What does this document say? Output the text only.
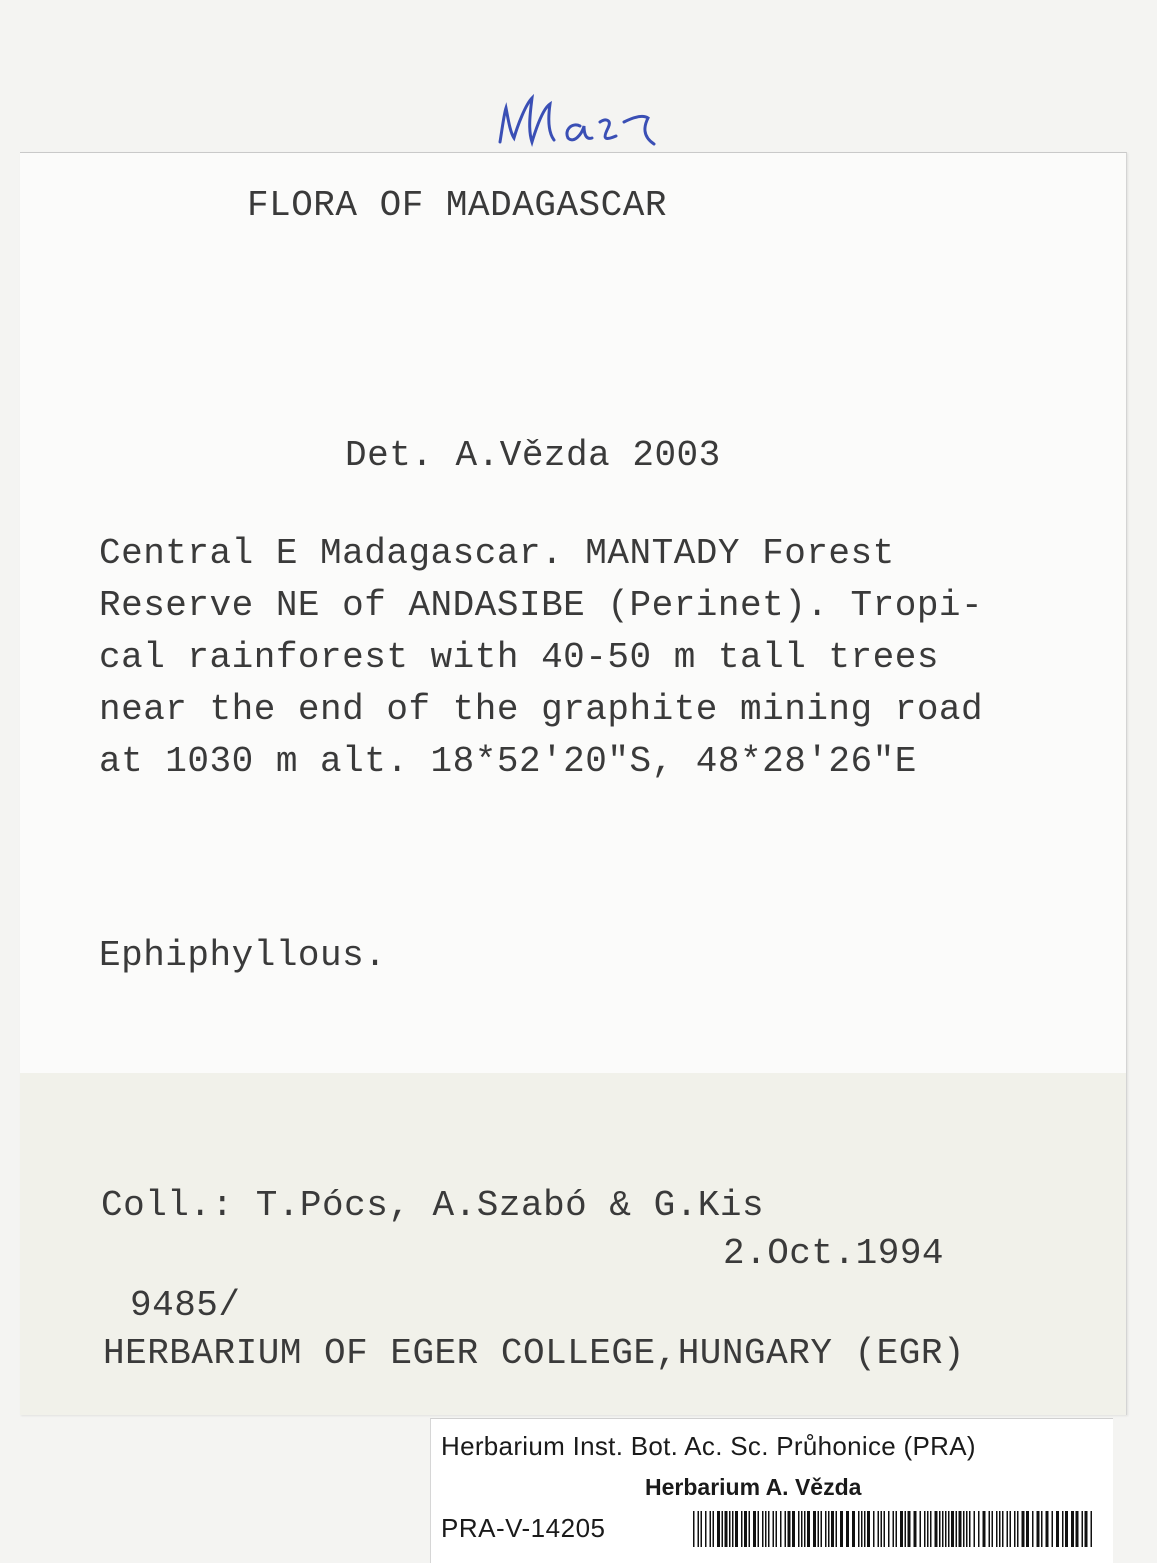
FLORA OF MADAGASCAR
Det. A.Vězda 2003
Central E Madagascar. MANTADY Forest
Reserve NE of ANDASIBE (Perinet). Tropi-
cal rainforest with 40-50 m tall trees
near the end of the graphite mining road
at 1030 m alt. 18*52'20"S, 48*28'26"E
Ephiphyllous.
Coll.: T.Pócs, A.Szabó & G.Kis
2.Oct.1994
9485/
HERBARIUM OF EGER COLLEGE,HUNGARY (EGR)
Herbarium Inst. Bot. Ac. Sc. Průhonice (PRA)
Herbarium A. Vězda
PRA-V-14205
